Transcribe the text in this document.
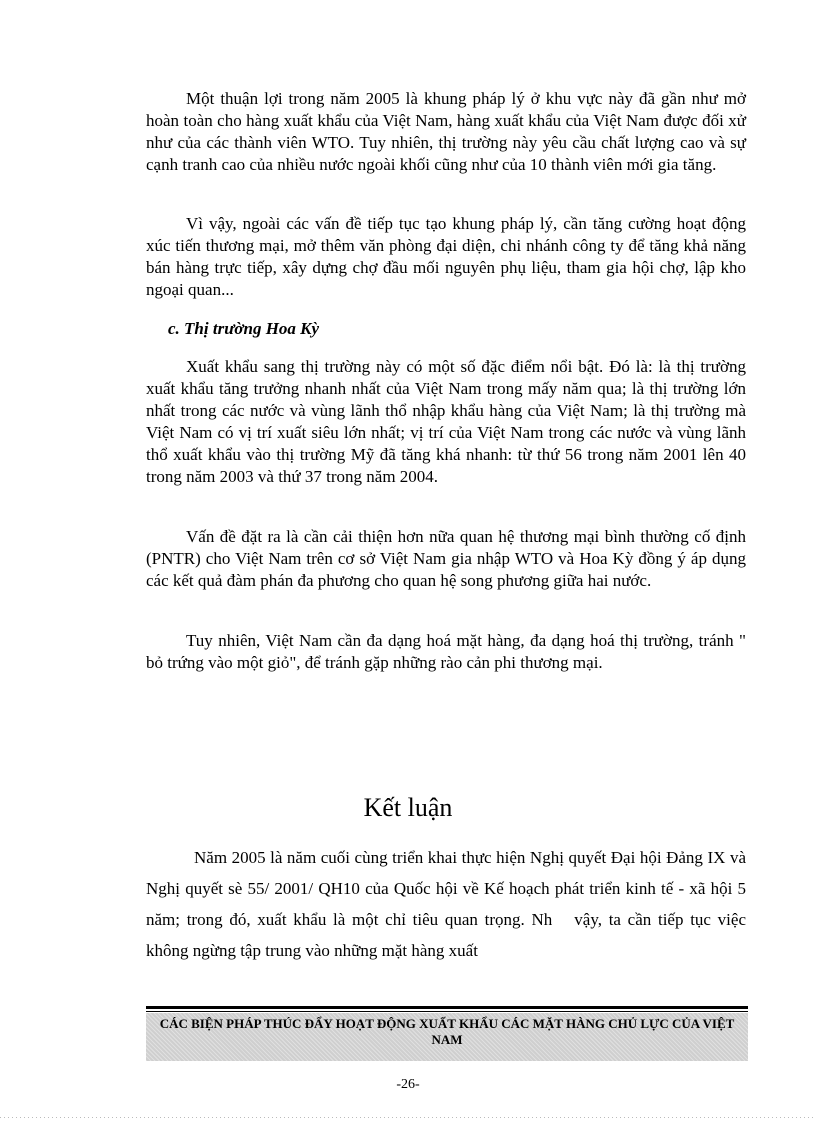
Một thuận lợi trong năm 2005 là khung pháp lý ở khu vực này đã gần như mở hoàn toàn cho hàng xuất khẩu của Việt Nam, hàng xuất khẩu của Việt Nam được đối xử như của các thành viên WTO. Tuy nhiên, thị trường này yêu cầu chất lượng cao và sự cạnh tranh cao của nhiều nước ngoài khối cũng như của 10 thành viên mới gia tăng.

Vì vậy, ngoài các vấn đề tiếp tục tạo khung pháp lý, cần tăng cường hoạt động xúc tiến thương mại, mở thêm văn phòng đại diện, chi nhánh công ty để tăng khả năng bán hàng trực tiếp, xây dựng chợ đầu mối nguyên phụ liệu, tham gia hội chợ, lập kho ngoại quan...

c. Thị trường Hoa Kỳ

Xuất khẩu sang thị trường này có một số đặc điểm nổi bật. Đó là: là thị trường xuất khẩu tăng trưởng nhanh nhất của Việt Nam trong mấy năm qua; là thị trường lớn nhất trong các nước và vùng lãnh thổ nhập khẩu hàng của Việt Nam; là thị trường mà Việt Nam có vị trí xuất siêu lớn nhất; vị trí của Việt Nam trong các nước và vùng lãnh thổ xuất khẩu vào thị trường Mỹ đã tăng khá nhanh: từ thứ 56 trong năm 2001 lên 40 trong năm 2003 và thứ 37 trong năm 2004.

Vấn đề đặt ra là cần cải thiện hơn nữa quan hệ thương mại bình thường cố định (PNTR) cho Việt Nam trên cơ sở Việt Nam gia nhập WTO và Hoa Kỳ đồng ý áp dụng các kết quả đàm phán đa phương cho quan hệ song phương giữa hai nước.

Tuy nhiên, Việt Nam cần đa dạng hoá mặt hàng, đa dạng hoá thị trường, tránh " bỏ trứng vào một giỏ", để tránh gặp những rào cản phi thương mại.

Kết luận

Năm 2005 là năm cuối cùng triển khai thực hiện Nghị quyết Đại hội Đảng IX và Nghị quyết sè 55/ 2001/ QH10 của Quốc hội về Kế hoạch phát triển kinh tế - xã hội 5 năm; trong đó, xuất khẩu là một chỉ tiêu quan trọng. Nh vậy, ta cần tiếp tục việc không ngừng tập trung vào những mặt hàng xuất

CÁC BIỆN PHÁP THÚC ĐẨY HOẠT ĐỘNG XUẤT KHẨU CÁC MẶT HÀNG CHỦ LỰC CỦA VIỆT NAM

-26-
